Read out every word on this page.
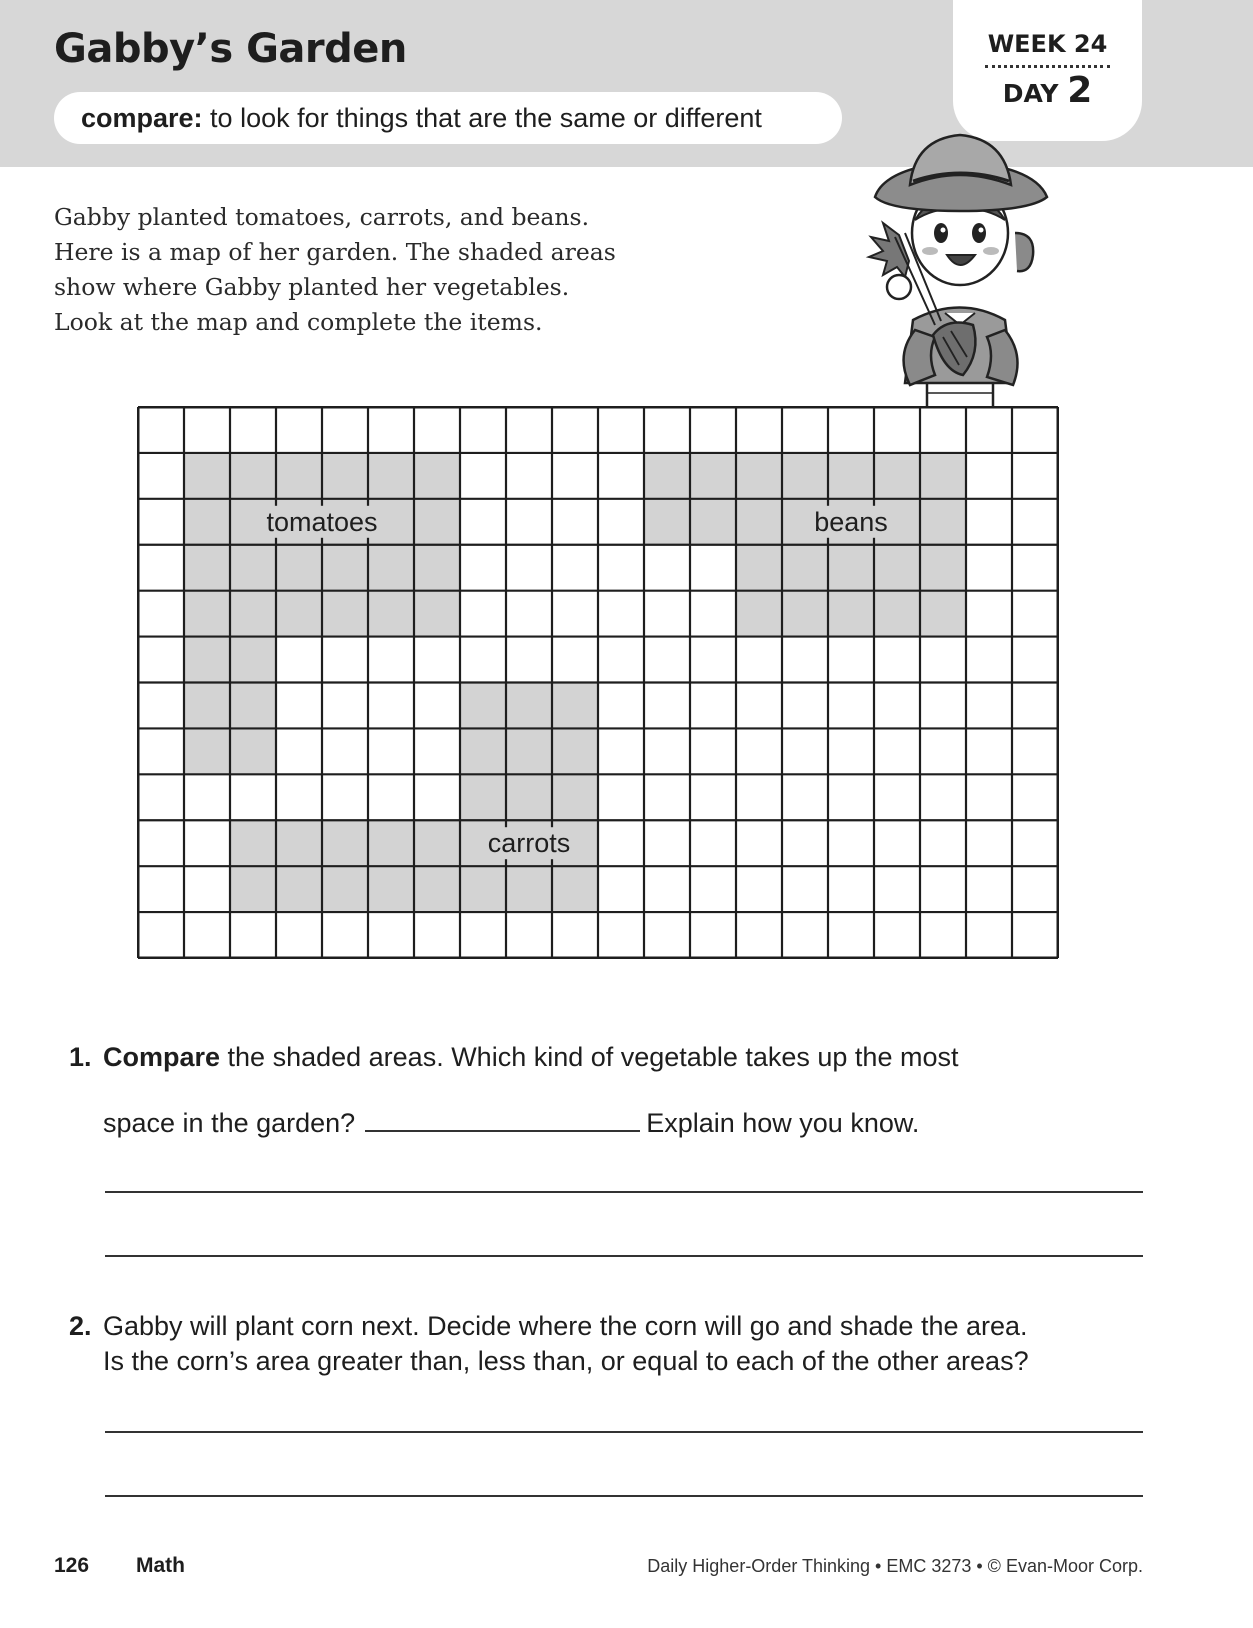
Gabby’s Garden
compare: to look for things that are the same or different
WEEK 24
DAY 2
Gabby planted tomatoes, carrots, and beans.
Here is a map of her garden. The shaded areas
show where Gabby planted her vegetables.
Look at the map and complete the items.
tomatoes	beans
carrots
1. Compare the shaded areas. Which kind of vegetable takes up the most
space in the garden?	Explain how you know.
2. Gabby will plant corn next. Decide where the corn will go and shade the area.
Is the corn’s area greater than, less than, or equal to each of the other areas?
126 Math	Daily Higher-Order Thinking • EMC 3273 • © Evan-Moor Corp.
